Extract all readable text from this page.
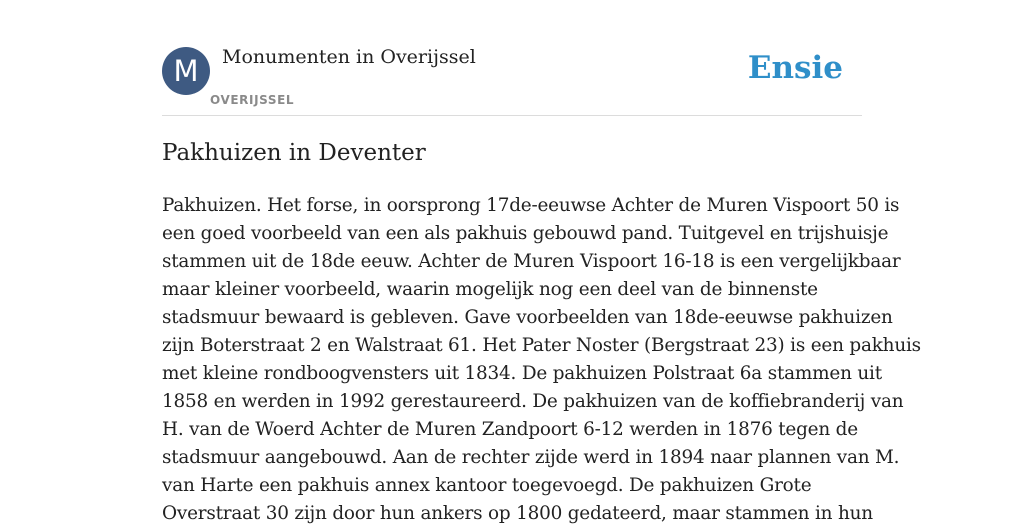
M	Monumenten in Overijssel
OVERIJSSEL
Ensie
Pakhuizen in Deventer

Pakhuizen. Het forse, in oorsprong 17de-eeuwse Achter de Muren Vispoort 50 is
een goed voorbeeld van een als pakhuis gebouwd pand. Tuitgevel en trijshuisje
stammen uit de 18de eeuw. Achter de Muren Vispoort 16-18 is een vergelijkbaar
maar kleiner voorbeeld, waarin mogelijk nog een deel van de binnenste
stadsmuur bewaard is gebleven. Gave voorbeelden van 18de-eeuwse pakhuizen
zijn Boterstraat 2 en Walstraat 61. Het Pater Noster (Bergstraat 23) is een pakhuis
met kleine rondboogvensters uit 1834. De pakhuizen Polstraat 6a stammen uit
1858 en werden in 1992 gerestaureerd. De pakhuizen van de koffiebranderij van
H. van de Woerd Achter de Muren Zandpoort 6-12 werden in 1876 tegen de
stadsmuur aangebouwd. Aan de rechter zijde werd in 1894 naar plannen van M.
van Harte een pakhuis annex kantoor toegevoegd. De pakhuizen Grote
Overstraat 30 zijn door hun ankers op 1800 gedateerd, maar stammen in hun
